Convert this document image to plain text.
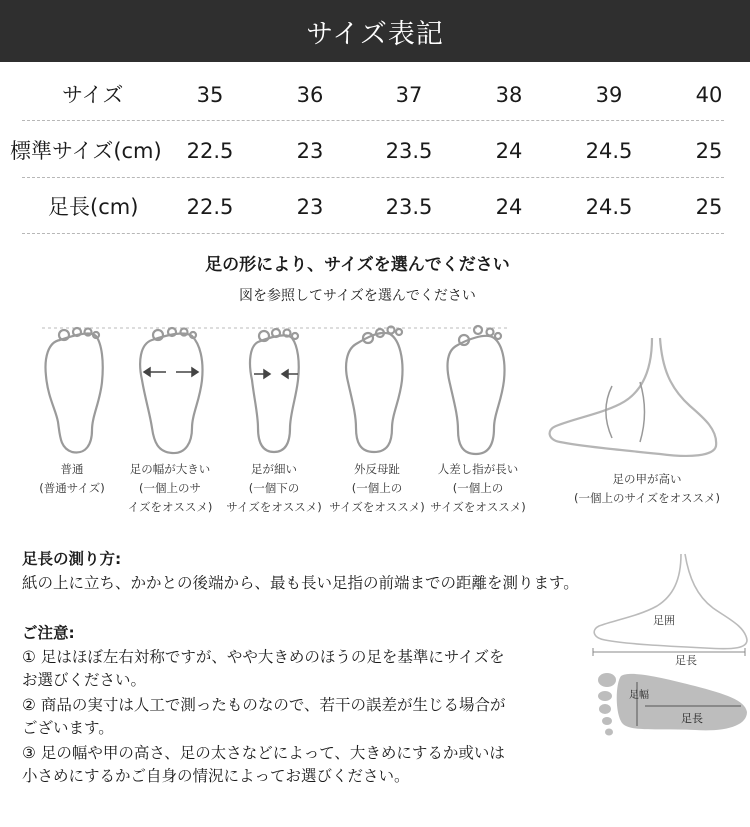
サイズ表記
サイズ	35	36	37	38	39	40
標準サイズ(cm)	22.5	23	23.5	24	24.5	25
足長(cm)	22.5	23	23.5	24	24.5	25
足の形により、サイズを選んでください
図を参照してサイズを選んでください
普通
(普通サイズ)
足の幅が大きい
(一個上のサ
イズをオススメ)
足が細い
(一個下の
サイズをオススメ)
外反母趾
(一個上の
サイズをオススメ)
人差し指が長い
(一個上の
サイズをオススメ)
足の甲が高い
(一個上のサイズをオススメ)
足長の測り方:
紙の上に立ち、かかとの後端から、最も長い足指の前端までの距離を測ります。
ご注意:
① 足はほぼ左右対称ですが、やや大きめのほうの足を基準にサイズを
お選びください。
② 商品の実寸は人工で測ったものなので、若干の誤差が生じる場合が
ございます。
③ 足の幅や甲の高さ、足の太さなどによって、大きめにするか或いは
小さめにするかご自身の情況によってお選びください。
足囲
足長
足幅
足長
